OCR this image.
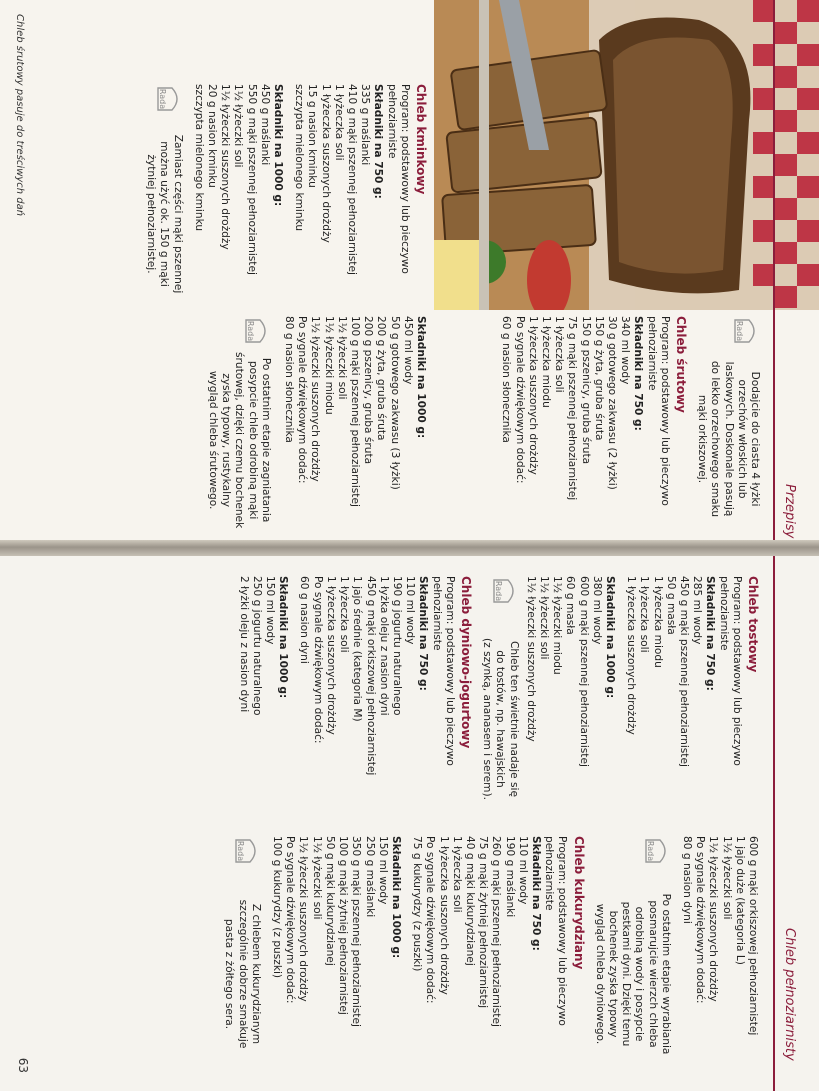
Przepisy
Chleb śrutowy pasuje do treściwych dań
Rada
Dodajcie do ciasta 4 łyżki
orzechów włoskich lub
laskowych. Doskonale pasują
do lekko orzechowego smaku
mąki orkiszowej.
Chleb śrutowy
Program: podstawowy lub pieczywo
pełnoziarniste
Składniki na 750 g:
340 ml wody
30 g gotowego zakwasu (2 łyżki)
150 g żyta, gruba śruta
150 g pszenicy, gruba śruta
75 g mąki pszennej pełnoziarnistej
1 łyżeczka soli
1 łyżeczka miodu
1 łyżeczka suszonych drożdży
Po sygnale dźwiękowym dodać:
60 g nasion słonecznika
Składniki na 1000 g:
450 ml wody
50 g gotowego zakwasu (3 łyżki)
200 g żyta, gruba śruta
200 g pszenicy, gruba śruta
100 g mąki pszennej pełnoziarnistej
1½ łyżeczki soli
1½ łyżeczki miodu
1½ łyżeczki suszonych drożdży
Po sygnale dźwiękowym dodać:
80 g nasion słonecznika
Rada
Po ostatnim etapie zagniatania
posypcie chleb odrobiną mąki
śrutowej, dzięki czemu bochenek
zyska typowy, rustykalny
wygląd chleba śrutowego.
Chleb kminkowy
Program: podstawowy lub pieczywo
pełnoziarniste
Składniki na 750 g:
335 g maślanki
410 g mąki pszennej pełnoziarnistej
1 łyżeczka soli
1 łyżeczka suszonych drożdży
15 g nasion kminku
szczypta mielonego kminku
Składniki na 1000 g:
450 g maślanki
550 g mąki pszennej pełnoziarnistej
1½ łyżeczki soli
1½ łyżeczki suszonych drożdży
20 g nasion kminku
szczypta mielonego kminku
Rada
Zamiast części mąki pszennej
można użyć ok. 150 g mąki
żytniej pełnoziarnistej.
Chleb pełnoziarnisty
63
Chleb tostowy
Program: podstawowy lub pieczywo
pełnoziarniste
Składniki na 750 g:
285 ml wody
450 g mąki pszennej pełnoziarnistej
50 g masła
1 łyżeczka miodu
1 łyżeczka soli
1 łyżeczka suszonych drożdży
Składniki na 1000 g:
380 ml wody
600 g mąki pszennej pełnoziarnistej
60 g masła
1½ łyżeczki miodu
1½ łyżeczki soli
1½ łyżeczki suszonych drożdży
Rada
Chleb ten świetnie nadaje się
do tostów, np. hawajskich
(z szynką, ananasem i serem).
Chleb dyniowo-jogurtowy
Program: podstawowy lub pieczywo
pełnoziarniste
Składniki na 750 g:
110 ml wody
190 g jogurtu naturalnego
1 łyżka oleju z nasion dyni
450 g mąki orkiszowej pełnoziarnistej
1 jajo średnie (kategoria M)
1 łyżeczka soli
1 łyżeczka suszonych drożdży
Po sygnale dźwiękowym dodać:
60 g nasion dyni
Składniki na 1000 g:
150 ml wody
250 g jogurtu naturalnego
2 łyżki oleju z nasion dyni
600 g mąki orkiszowej pełnoziarnistej
1 jajo duże (kategoria L)
1½ łyżeczki soli
1½ łyżeczki suszonych drożdży
Po sygnale dźwiękowym dodać:
80 g nasion dyni
Rada
Po ostatnim etapie wyrabiania
posmarujcie wierzch chleba
odrobiną wody i posypcie
pestkami dyni. Dzięki temu
bochenek zyska typowy
wygląd chleba dyniowego.
Chleb kukurydziany
Program: podstawowy lub pieczywo
pełnoziarniste
Składniki na 750 g:
110 ml wody
190 g maślanki
260 g mąki pszennej pełnoziarnistej
75 g mąki żytniej pełnoziarnistej
40 g mąki kukurydzianej
1 łyżeczka soli
1 łyżeczka suszonych drożdży
Po sygnale dźwiękowym dodać:
75 g kukurydzy (z puszki)
Składniki na 1000 g:
150 ml wody
250 g maślanki
350 g mąki pszennej pełnoziarnistej
100 g mąki żytniej pełnoziarnistej
50 g mąki kukurydzianej
1½ łyżeczki soli
1½ łyżeczki suszonych drożdży
Po sygnale dźwiękowym dodać:
100 g kukurydzy (z puszki)
Rada
Z chlebem kukurydzianym
szczególnie dobrze smakuje
pasta z żółtego sera.
